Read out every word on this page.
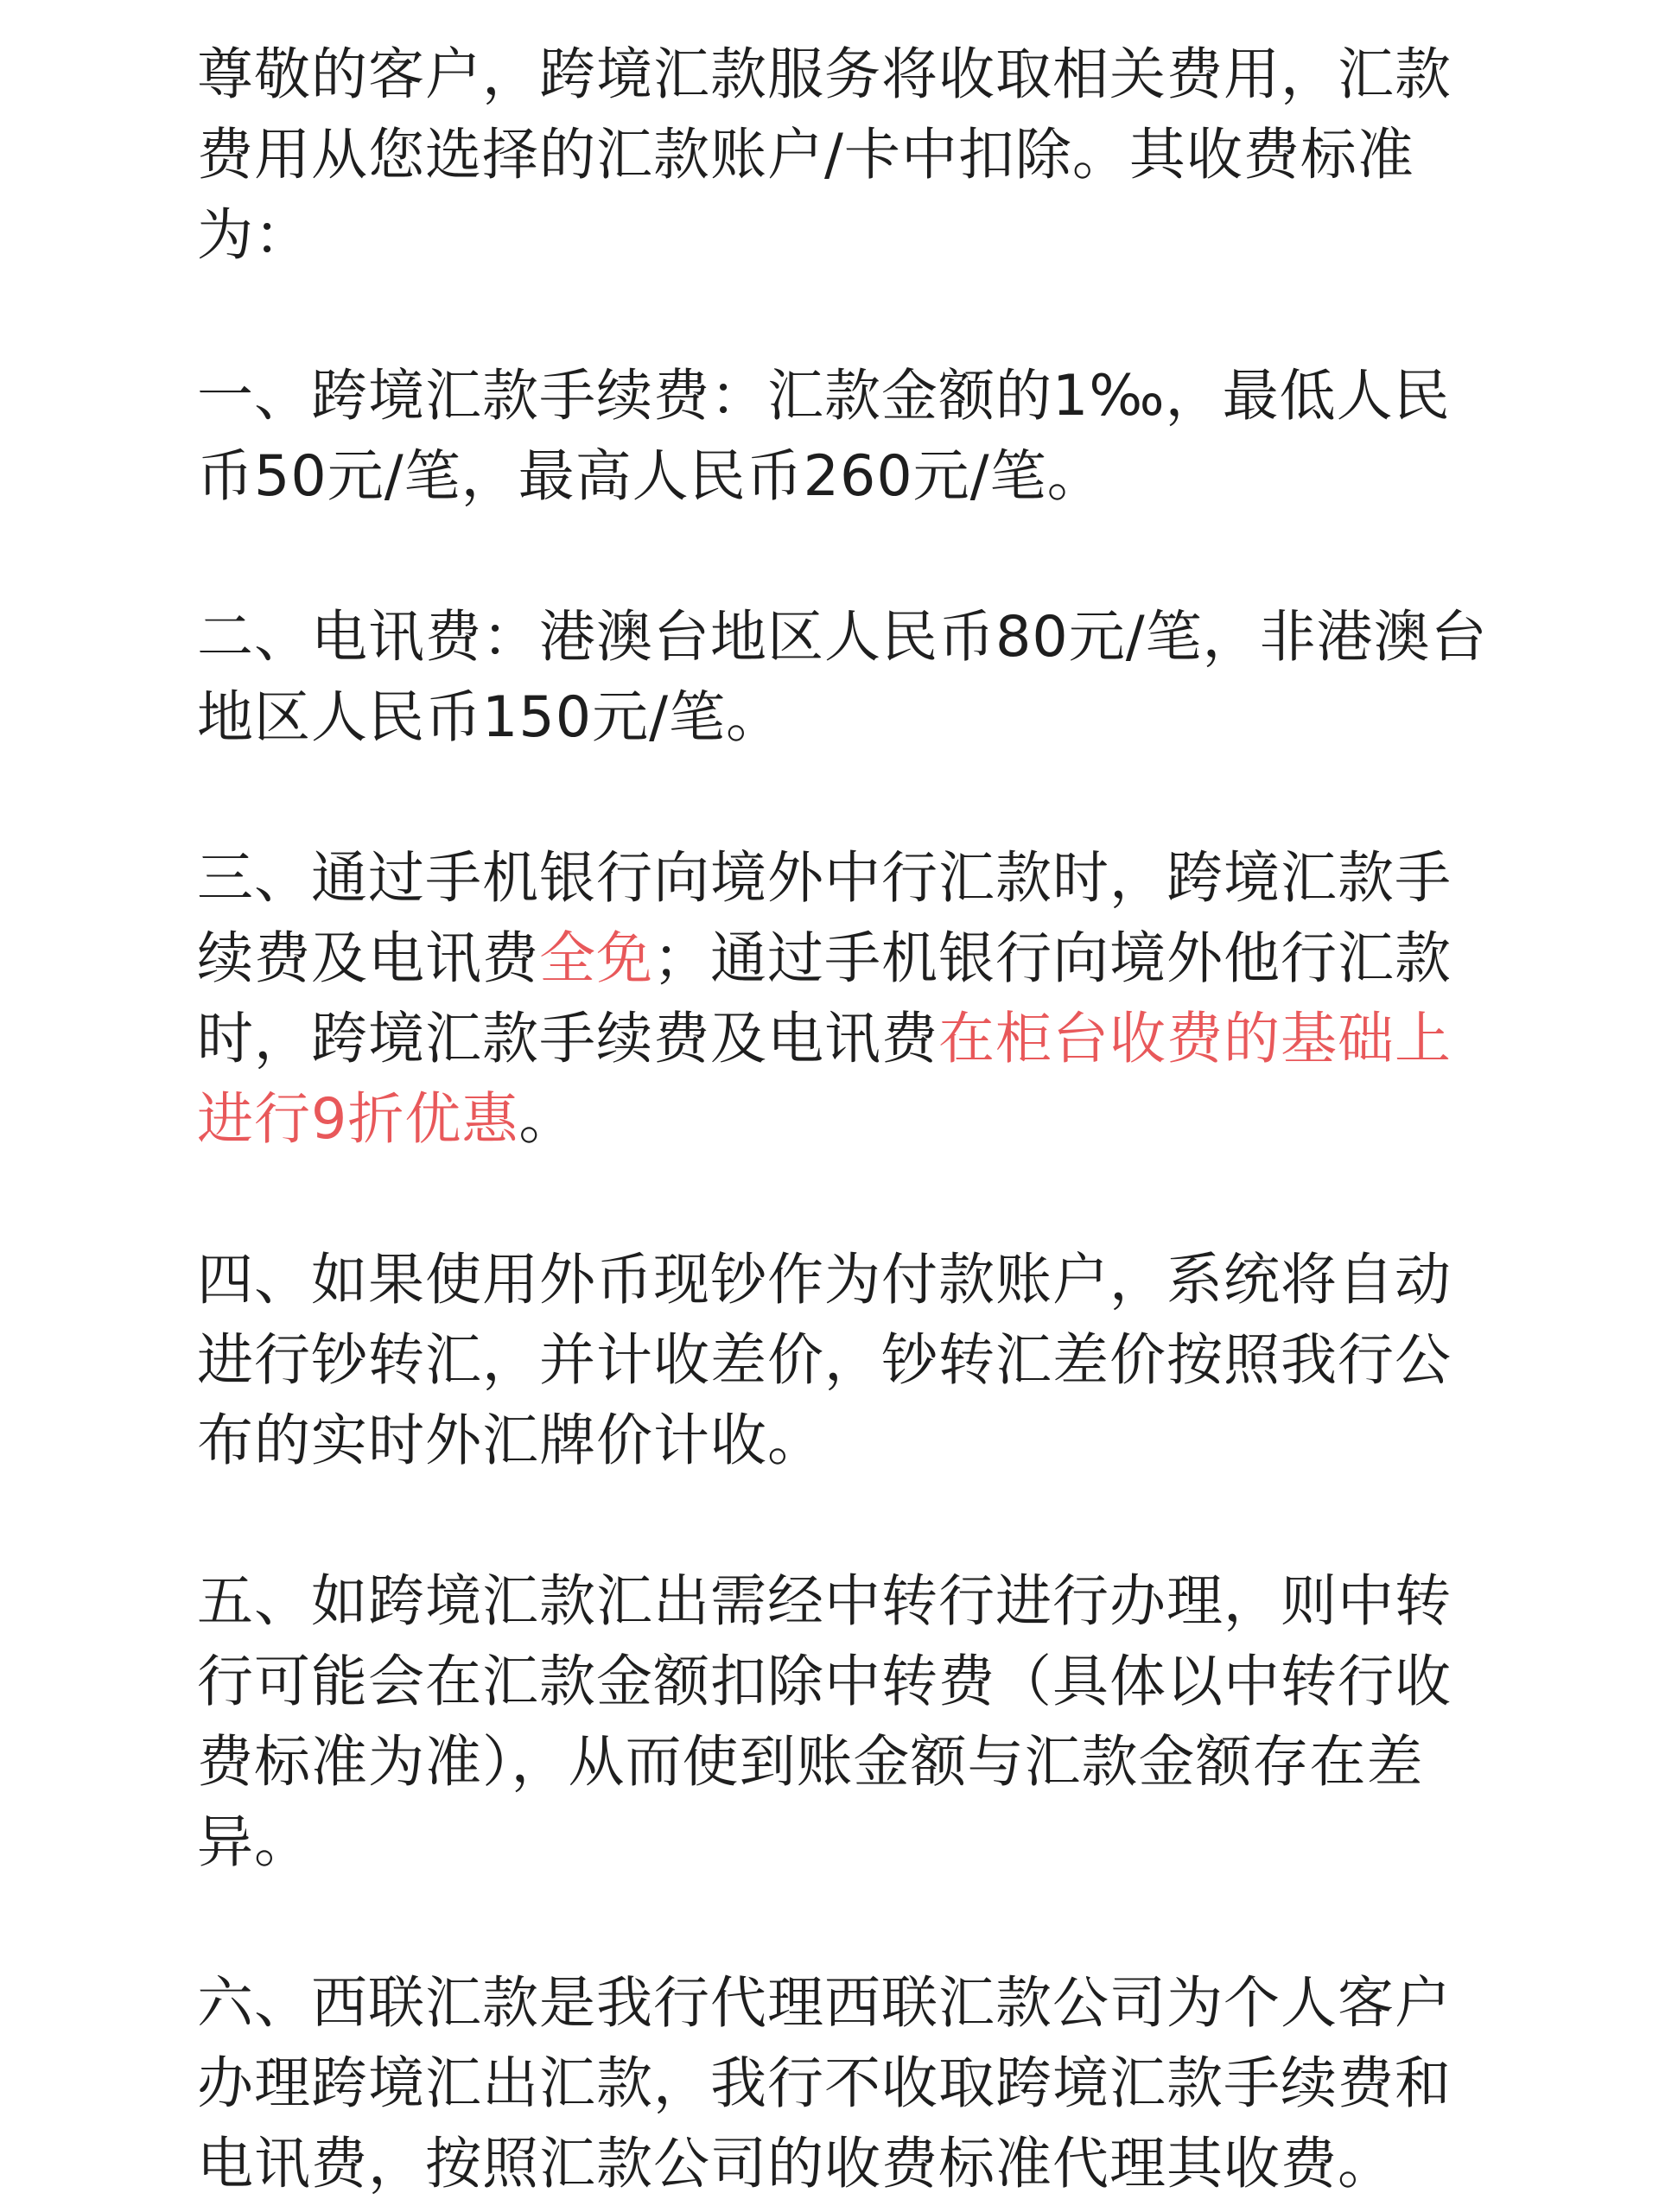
尊敬的客户，跨境汇款服务将收取相关费用，汇款费用从您选择的汇款账户/卡中扣除。其收费标准为：

一、跨境汇款手续费：汇款金额的1‰，最低人民币50元/笔，最高人民币260元/笔。

二、电讯费：港澳台地区人民币80元/笔，非港澳台地区人民币150元/笔。

三、通过手机银行向境外中行汇款时，跨境汇款手续费及电讯费全免；通过手机银行向境外他行汇款时，跨境汇款手续费及电讯费在柜台收费的基础上进行9折优惠。

四、如果使用外币现钞作为付款账户，系统将自动进行钞转汇，并计收差价，钞转汇差价按照我行公布的实时外汇牌价计收。

五、如跨境汇款汇出需经中转行进行办理，则中转行可能会在汇款金额扣除中转费（具体以中转行收费标准为准），从而使到账金额与汇款金额存在差异。

六、西联汇款是我行代理西联汇款公司为个人客户办理跨境汇出汇款，我行不收取跨境汇款手续费和电讯费，按照汇款公司的收费标准代理其收费。
